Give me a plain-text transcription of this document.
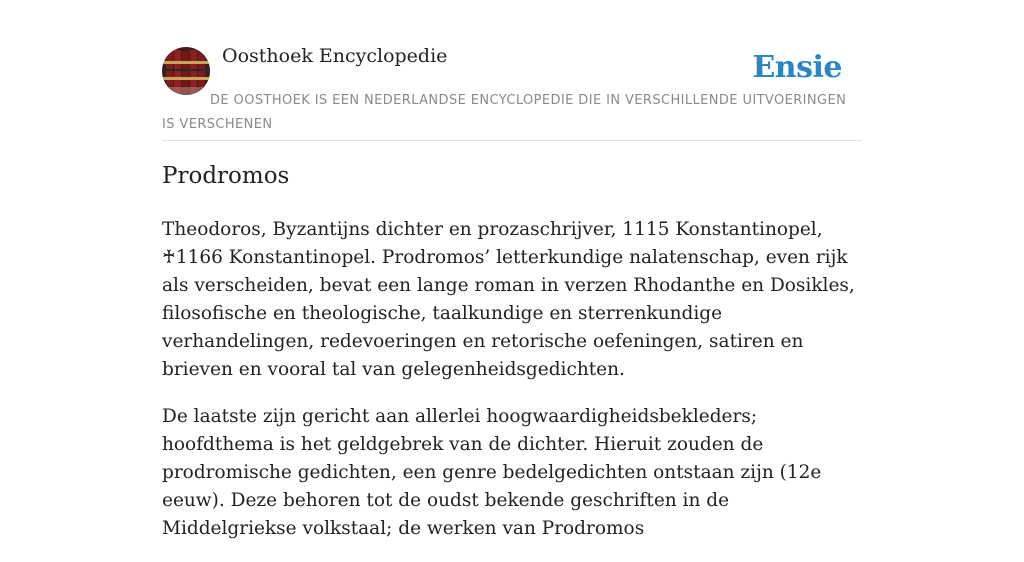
Oosthoek Encyclopedie	Ensie
DE OOSTHOEK IS EEN NEDERLANDSE ENCYCLOPEDIE DIE IN VERSCHILLENDE UITVOERINGEN IS VERSCHENEN
Prodromos

Theodoros, Byzantijns dichter en prozaschrijver, 1115 Konstantinopel, ♰1166 Konstantinopel. Prodromos’ letterkundige nalatenschap, even rijk als verscheiden, bevat een lange roman in verzen Rhodanthe en Dosikles, filosofische en theologische, taalkundige en sterrenkundige verhandelingen, redevoeringen en retorische oefeningen, satiren en brieven en vooral tal van gelegenheidsgedichten.

De laatste zijn gericht aan allerlei hoogwaardigheidsbekleders; hoofdthema is het geldgebrek van de dichter. Hieruit zouden de prodromische gedichten, een genre bedelgedichten ontstaan zijn (12e eeuw). Deze behoren tot de oudst bekende geschriften in de Middelgriekse volkstaal; de werken van Prodromos
